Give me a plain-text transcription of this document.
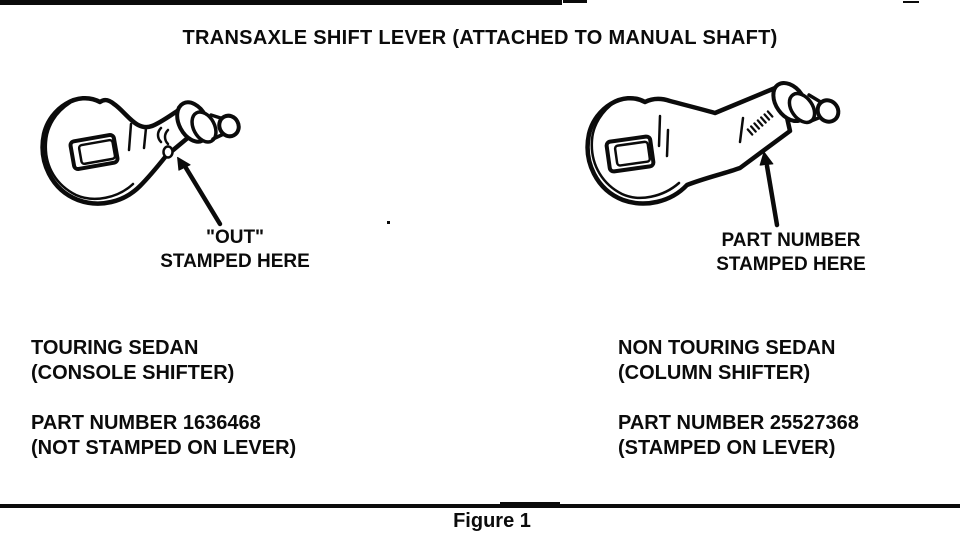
TRANSAXLE SHIFT LEVER (ATTACHED TO MANUAL SHAFT)
"OUT"
STAMPED HERE
PART NUMBER
STAMPED HERE
TOURING SEDAN
(CONSOLE SHIFTER)
PART NUMBER 1636468
(NOT STAMPED ON LEVER)
NON TOURING SEDAN
(COLUMN SHIFTER)
PART NUMBER 25527368
(STAMPED ON LEVER)
Figure 1
